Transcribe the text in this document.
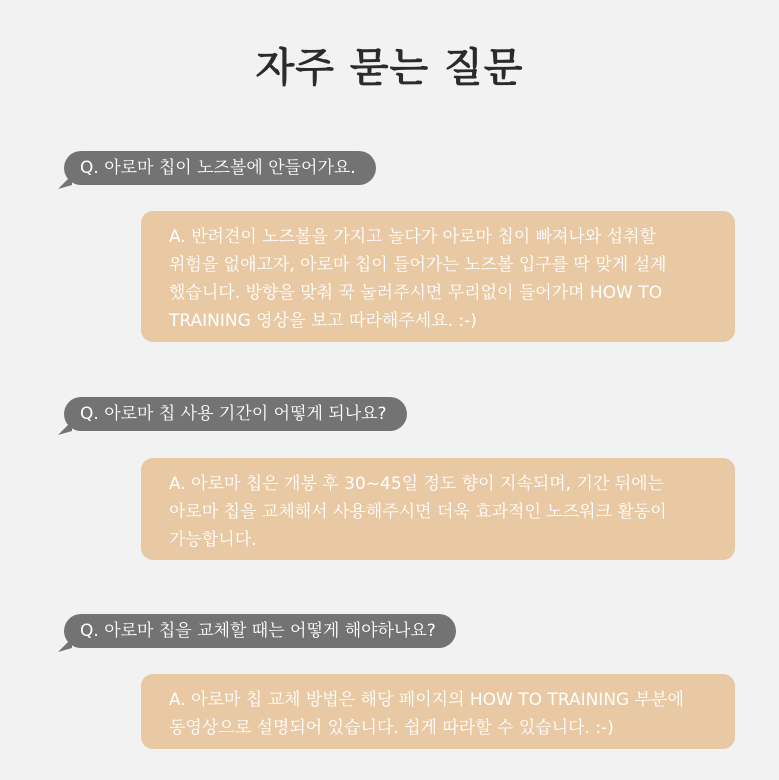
자주 묻는 질문
Q. 아로마 칩이 노즈볼에 안들어가요.
A. 반려견이 노즈볼을 가지고 놀다가 아로마 칩이 빠져나와 섭취할
위험을 없애고자, 아로마 칩이 들어가는 노즈볼 입구를 딱 맞게 설계
했습니다. 방향을 맞춰 꾹 눌러주시면 무리없이 들어가며 HOW TO
TRAINING 영상을 보고 따라해주세요. :-)
Q. 아로마 칩 사용 기간이 어떻게 되나요?
A. 아로마 칩은 개봉 후 30~45일 정도 향이 지속되며, 기간 뒤에는
아로마 칩을 교체해서 사용해주시면 더욱 효과적인 노즈워크 활동이
가능합니다.
Q. 아로마 칩을 교체할 때는 어떻게 해야하나요?
A. 아로마 칩 교체 방법은 해당 페이지의 HOW TO TRAINING 부분에
동영상으로 설명되어 있습니다. 쉽게 따라할 수 있습니다. :-)
